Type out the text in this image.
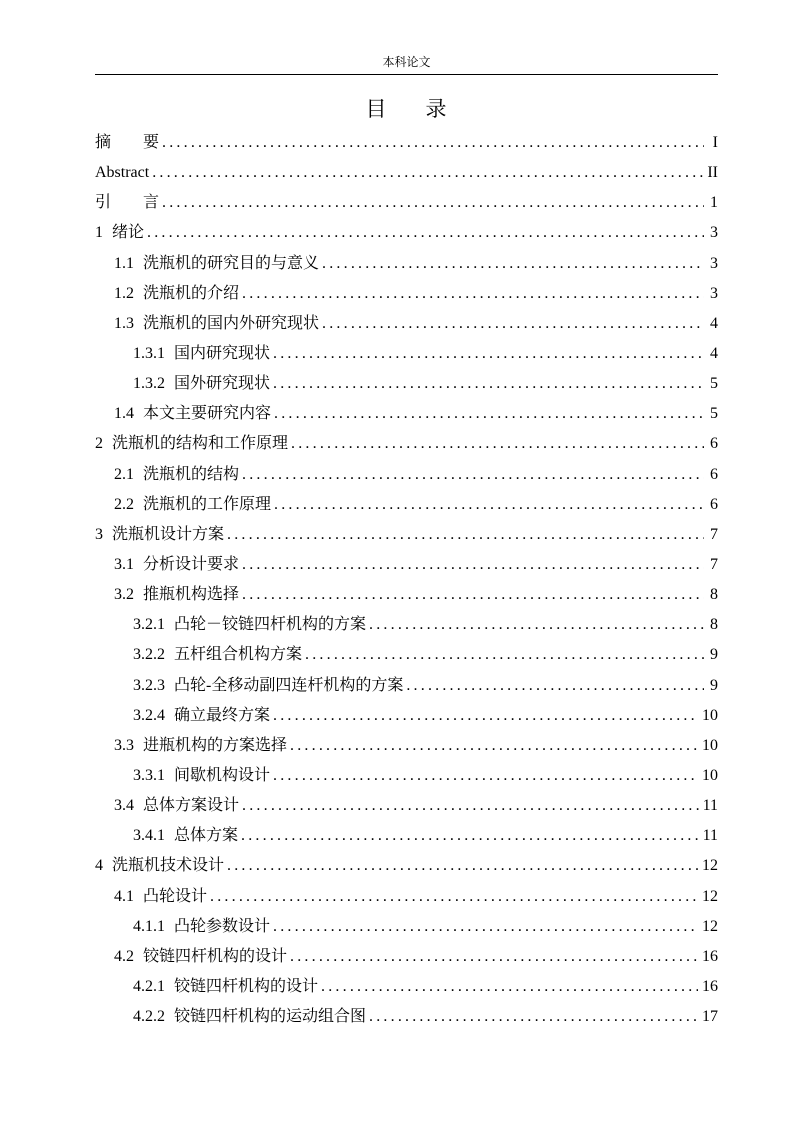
本科论文
目 录
摘　　要 .....	I
Abstract .....	II
引　　言 .....	1
1 绪论 .....	3
1.1 洗瓶机的研究目的与意义 .....	3
1.2 洗瓶机的介绍 .....	3
1.3 洗瓶机的国内外研究现状 .....	4
1.3.1 国内研究现状 .....	4
1.3.2 国外研究现状 .....	5
1.4 本文主要研究内容 .....	5
2 洗瓶机的结构和工作原理 .....	6
2.1 洗瓶机的结构 .....	6
2.2 洗瓶机的工作原理 .....	6
3 洗瓶机设计方案 .....	7
3.1 分析设计要求 .....	7
3.2 推瓶机构选择 .....	8
3.2.1 凸轮－铰链四杆机构的方案 .....	8
3.2.2 五杆组合机构方案 .....	9
3.2.3 凸轮-全移动副四连杆机构的方案 .....	9
3.2.4 确立最终方案 .....	10
3.3 进瓶机构的方案选择 .....	10
3.3.1 间歇机构设计 .....	10
3.4 总体方案设计 .....	11
3.4.1 总体方案 .....	11
4 洗瓶机技术设计 .....	12
4.1 凸轮设计 .....	12
4.1.1 凸轮参数设计 .....	12
4.2 铰链四杆机构的设计 .....	16
4.2.1 铰链四杆机构的设计 .....	16
4.2.2 铰链四杆机构的运动组合图 .....	17
